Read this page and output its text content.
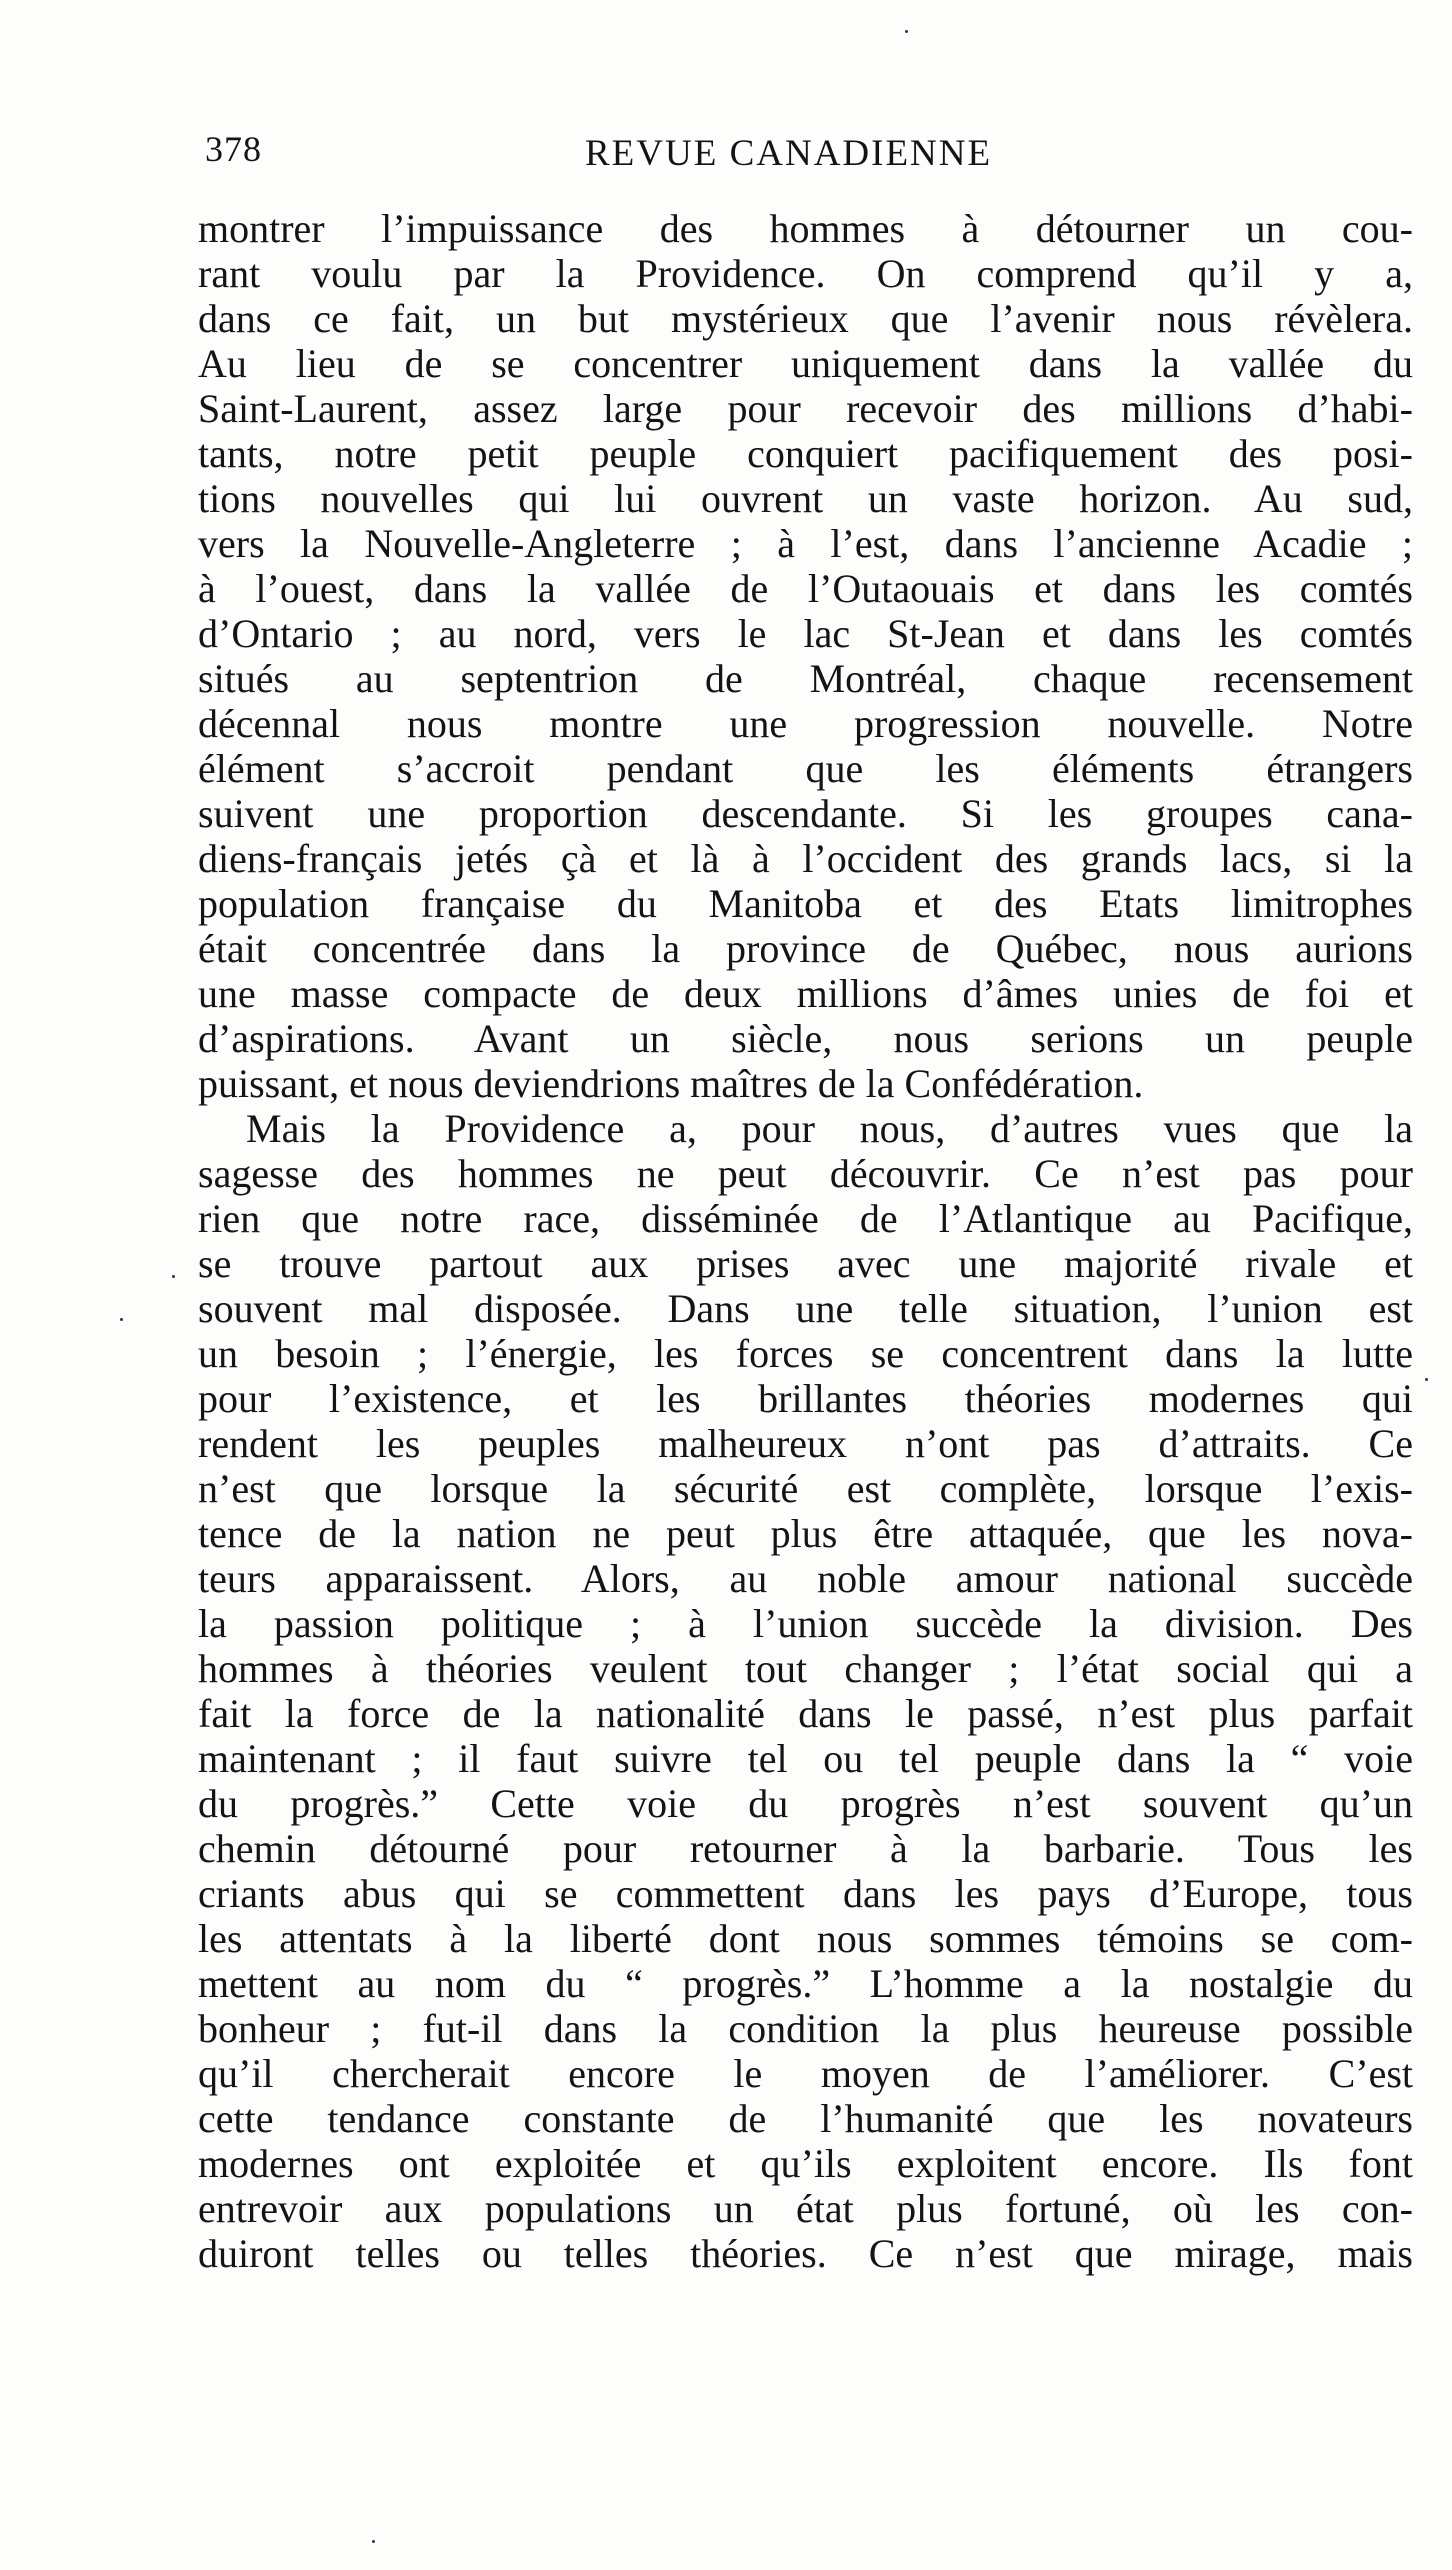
378	REVUE CANADIENNE
montrer l’impuissance des hommes à détourner un cou-
rant voulu par la Providence. On comprend qu’il y a,
dans ce fait, un but mystérieux que l’avenir nous révèlera.
Au lieu de se concentrer uniquement dans la vallée du
Saint-Laurent, assez large pour recevoir des millions d’habi-
tants, notre petit peuple conquiert pacifiquement des posi-
tions nouvelles qui lui ouvrent un vaste horizon. Au sud,
vers la Nouvelle-Angleterre ; à l’est, dans l’ancienne Acadie ;
à l’ouest, dans la vallée de l’Outaouais et dans les comtés
d’Ontario ; au nord, vers le lac St-Jean et dans les comtés
situés au septentrion de Montréal, chaque recensement
décennal nous montre une progression nouvelle. Notre
élément s’accroit pendant que les éléments étrangers
suivent une proportion descendante. Si les groupes cana-
diens-français jetés çà et là à l’occident des grands lacs, si la
population française du Manitoba et des Etats limitrophes
était concentrée dans la province de Québec, nous aurions
une masse compacte de deux millions d’âmes unies de foi et
d’aspirations. Avant un siècle, nous serions un peuple
puissant, et nous deviendrions maîtres de la Confédération.
Mais la Providence a, pour nous, d’autres vues que la
sagesse des hommes ne peut découvrir. Ce n’est pas pour
rien que notre race, disséminée de l’Atlantique au Pacifique,
se trouve partout aux prises avec une majorité rivale et
souvent mal disposée. Dans une telle situation, l’union est
un besoin ; l’énergie, les forces se concentrent dans la lutte
pour l’existence, et les brillantes théories modernes qui
rendent les peuples malheureux n’ont pas d’attraits. Ce
n’est que lorsque la sécurité est complète, lorsque l’exis-
tence de la nation ne peut plus être attaquée, que les nova-
teurs apparaissent. Alors, au noble amour national succède
la passion politique ; à l’union succède la division. Des
hommes à théories veulent tout changer ; l’état social qui a
fait la force de la nationalité dans le passé, n’est plus parfait
maintenant ; il faut suivre tel ou tel peuple dans la “ voie
du progrès.” Cette voie du progrès n’est souvent qu’un
chemin détourné pour retourner à la barbarie. Tous les
criants abus qui se commettent dans les pays d’Europe, tous
les attentats à la liberté dont nous sommes témoins se com-
mettent au nom du “ progrès.” L’homme a la nostalgie du
bonheur ; fut-il dans la condition la plus heureuse possible
qu’il chercherait encore le moyen de l’améliorer. C’est
cette tendance constante de l’humanité que les novateurs
modernes ont exploitée et qu’ils exploitent encore. Ils font
entrevoir aux populations un état plus fortuné, où les con-
duiront telles ou telles théories. Ce n’est que mirage, mais
